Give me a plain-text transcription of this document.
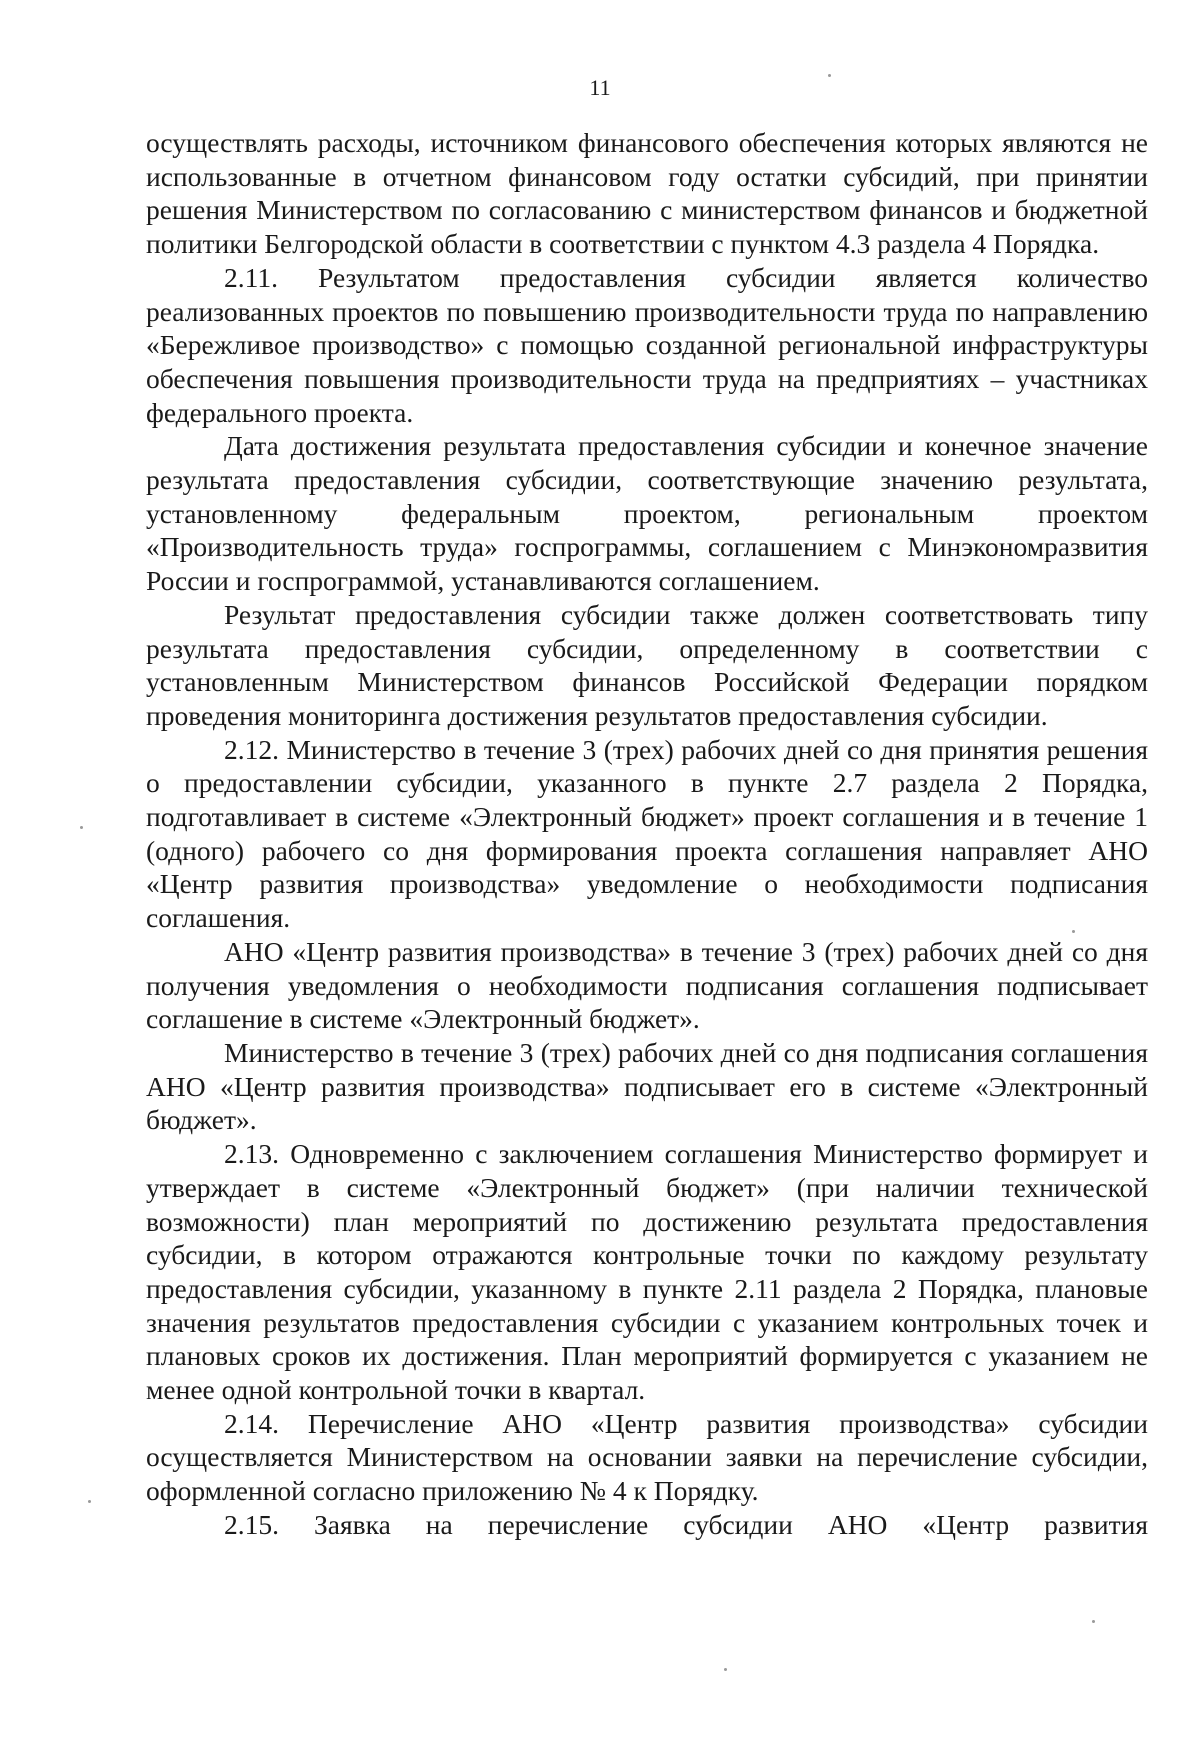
11

осуществлять расходы, источником финансового обеспечения которых являются не использованные в отчетном финансовом году остатки субсидий, при принятии решения Министерством по согласованию с министерством финансов и бюджетной политики Белгородской области в соответствии с пунктом 4.3 раздела 4 Порядка.

2.11. Результатом предоставления субсидии является количество реализованных проектов по повышению производительности труда по направлению «Бережливое производство» с помощью созданной региональной инфраструктуры обеспечения повышения производительности труда на предприятиях – участниках федерального проекта.

Дата достижения результата предоставления субсидии и конечное значение результата предоставления субсидии, соответствующие значению результата, установленному федеральным проектом, региональным проектом «Производительность труда» госпрограммы, соглашением с Минэкономразвития России и госпрограммой, устанавливаются соглашением.

Результат предоставления субсидии также должен соответствовать типу результата предоставления субсидии, определенному в соответствии с установленным Министерством финансов Российской Федерации порядком проведения мониторинга достижения результатов предоставления субсидии.

2.12. Министерство в течение 3 (трех) рабочих дней со дня принятия решения о предоставлении субсидии, указанного в пункте 2.7 раздела 2 Порядка, подготавливает в системе «Электронный бюджет» проект соглашения и в течение 1 (одного) рабочего со дня формирования проекта соглашения направляет АНО «Центр развития производства» уведомление о необходимости подписания соглашения.

АНО «Центр развития производства» в течение 3 (трех) рабочих дней со дня получения уведомления о необходимости подписания соглашения подписывает соглашение в системе «Электронный бюджет».

Министерство в течение 3 (трех) рабочих дней со дня подписания соглашения АНО «Центр развития производства» подписывает его в системе «Электронный бюджет».

2.13. Одновременно с заключением соглашения Министерство формирует и утверждает в системе «Электронный бюджет» (при наличии технической возможности) план мероприятий по достижению результата предоставления субсидии, в котором отражаются контрольные точки по каждому результату предоставления субсидии, указанному в пункте 2.11 раздела 2 Порядка, плановые значения результатов предоставления субсидии с указанием контрольных точек и плановых сроков их достижения. План мероприятий формируется с указанием не менее одной контрольной точки в квартал.

2.14. Перечисление АНО «Центр развития производства» субсидии осуществляется Министерством на основании заявки на перечисление субсидии, оформленной согласно приложению № 4 к Порядку.

2.15. Заявка на перечисление субсидии АНО «Центр развития
